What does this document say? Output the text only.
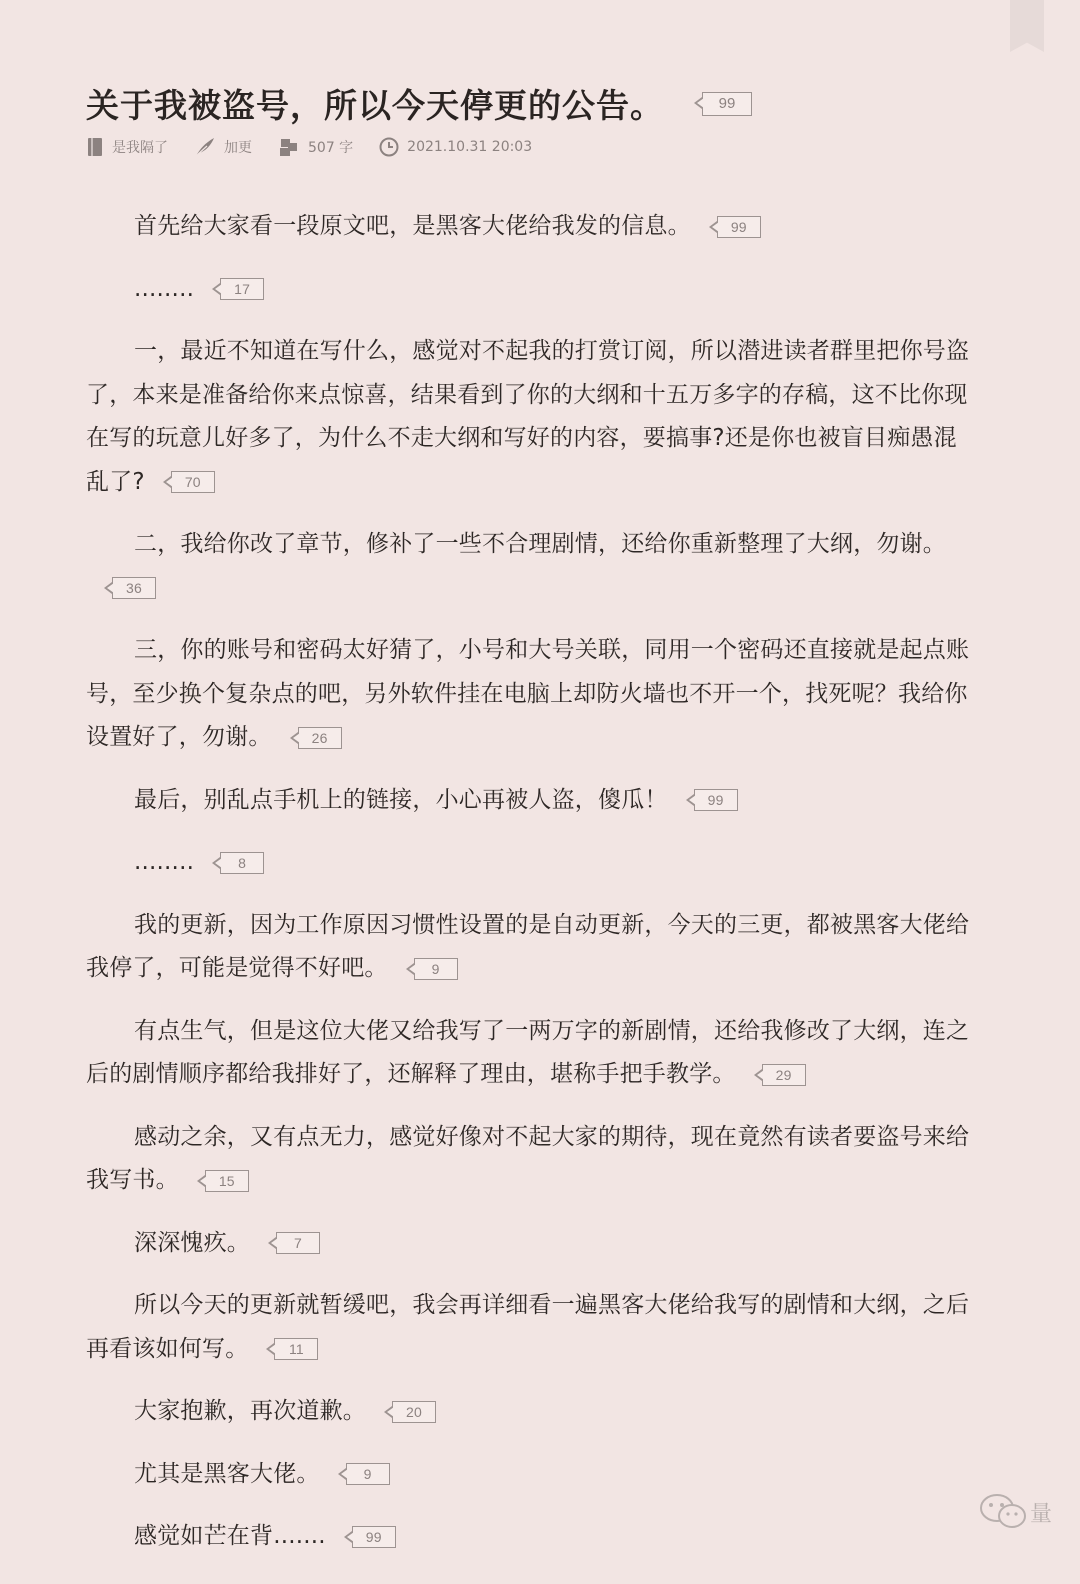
关于我被盗号，所以今天停更的公告。	99
是我隔了	加更	507 字	2021.10.31 20:03

首先给大家看一段原文吧，是黑客大佬给我发的信息。	99

........	17

一，最近不知道在写什么，感觉对不起我的打赏订阅，所以潜进读者群里把你号盗了，本来是准备给你来点惊喜，结果看到了你的大纲和十五万多字的存稿，这不比你现在写的玩意儿好多了，为什么不走大纲和写好的内容，要搞事?还是你也被盲目痴愚混乱了?	70

二，我给你改了章节，修补了一些不合理剧情，还给你重新整理了大纲，勿谢。36

三，你的账号和密码太好猜了，小号和大号关联，同用一个密码还直接就是起点账号，至少换个复杂点的吧，另外软件挂在电脑上却防火墙也不开一个，找死呢？我给你设置好了，勿谢。	26

最后，别乱点手机上的链接，小心再被人盗，傻瓜！	99

........	8

我的更新，因为工作原因习惯性设置的是自动更新，今天的三更，都被黑客大佬给我停了，可能是觉得不好吧。	9

有点生气，但是这位大佬又给我写了一两万字的新剧情，还给我修改了大纲，连之后的剧情顺序都给我排好了，还解释了理由，堪称手把手教学。	29

感动之余，又有点无力，感觉好像对不起大家的期待，现在竟然有读者要盗号来给我写书。	15

深深愧疚。	7

所以今天的更新就暂缓吧，我会再详细看一遍黑客大佬给我写的剧情和大纲，之后再看该如何写。	11

大家抱歉，再次道歉。	20

尤其是黑客大佬。	9

感觉如芒在背.......	99

量
